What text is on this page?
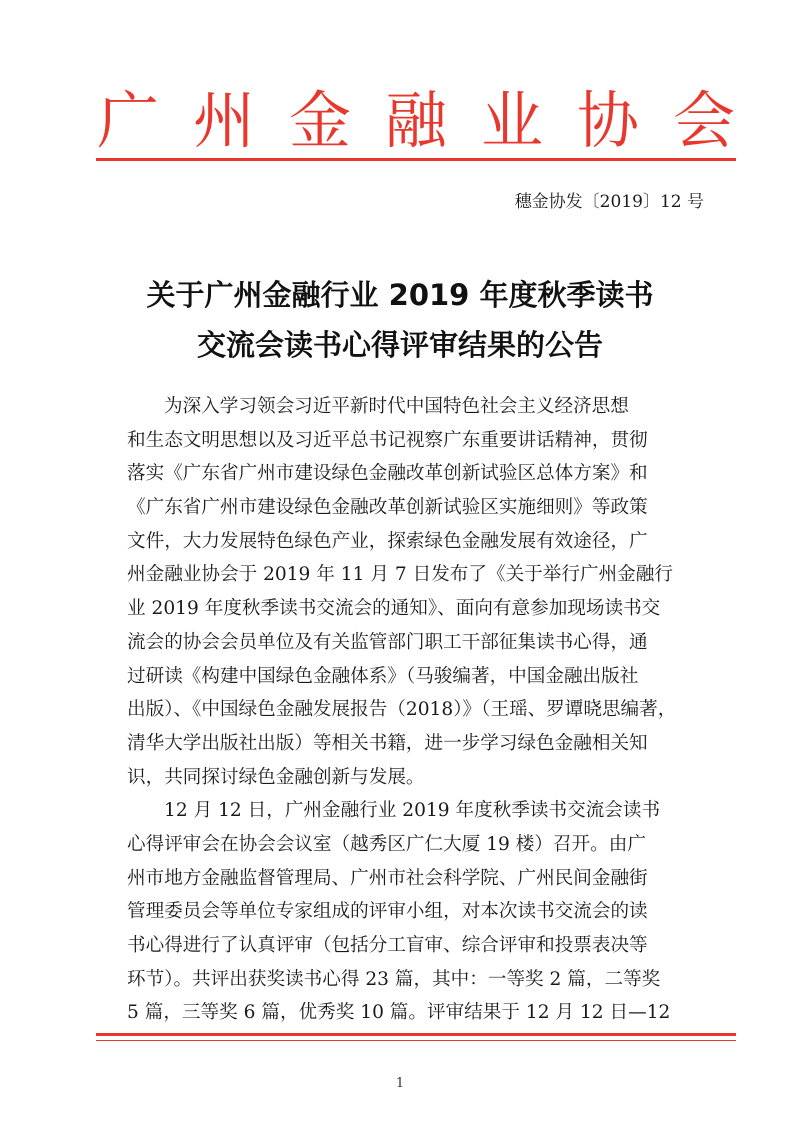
广 州 金 融 业 协 会
穗金协发〔2019〕12 号
关于广州金融行业 2019 年度秋季读书
交流会读书心得评审结果的公告
为深入学习领会习近平新时代中国特色社会主义经济思想
和生态文明思想以及习近平总书记视察广东重要讲话精神，贯彻
落实《广东省广州市建设绿色金融改革创新试验区总体方案》和
《广东省广州市建设绿色金融改革创新试验区实施细则》等政策
文件，大力发展特色绿色产业，探索绿色金融发展有效途径，广
州金融业协会于 2019 年 11 月 7 日发布了《关于举行广州金融行
业 2019 年度秋季读书交流会的通知》、面向有意参加现场读书交
流会的协会会员单位及有关监管部门职工干部征集读书心得，通
过研读《构建中国绿色金融体系》（马骏编著，中国金融出版社
出版）、《中国绿色金融发展报告（2018）》（王瑶、罗谭晓思编著，
清华大学出版社出版）等相关书籍，进一步学习绿色金融相关知
识，共同探讨绿色金融创新与发展。
12 月 12 日，广州金融行业 2019 年度秋季读书交流会读书
心得评审会在协会会议室（越秀区广仁大厦 19 楼）召开。由广
州市地方金融监督管理局、广州市社会科学院、广州民间金融街
管理委员会等单位专家组成的评审小组，对本次读书交流会的读
书心得进行了认真评审（包括分工盲审、综合评审和投票表决等
环节）。共评出获奖读书心得 23 篇，其中：一等奖 2 篇，二等奖
5 篇，三等奖 6 篇，优秀奖 10 篇。评审结果于 12 月 12 日—12
1
